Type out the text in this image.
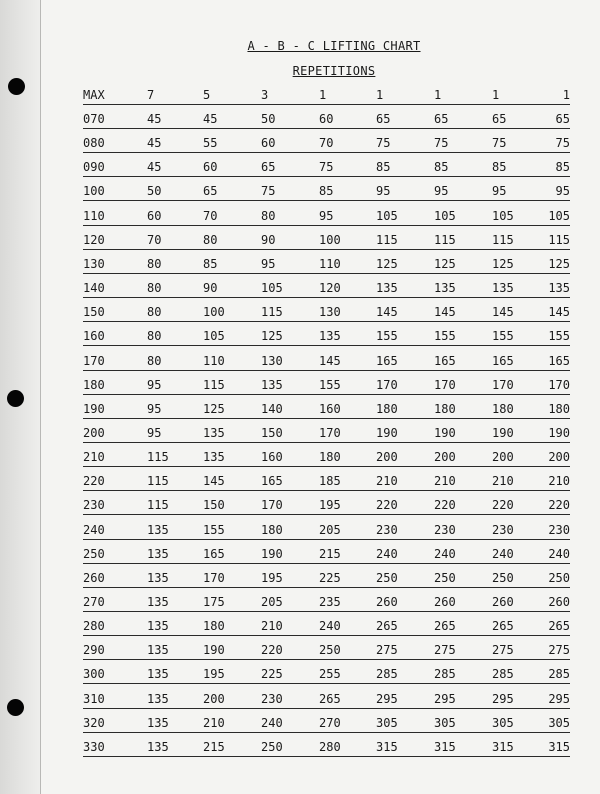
A - B - C LIFTING CHART
REPETITIONS
MAX	7	5	3	1	1	1	1	1
070	45	45	50	60	65	65	65	65
080	45	55	60	70	75	75	75	75
090	45	60	65	75	85	85	85	85
100	50	65	75	85	95	95	95	95
110	60	70	80	95	105	105	105	105
120	70	80	90	100	115	115	115	115
130	80	85	95	110	125	125	125	125
140	80	90	105	120	135	135	135	135
150	80	100	115	130	145	145	145	145
160	80	105	125	135	155	155	155	155
170	80	110	130	145	165	165	165	165
180	95	115	135	155	170	170	170	170
190	95	125	140	160	180	180	180	180
200	95	135	150	170	190	190	190	190
210	115	135	160	180	200	200	200	200
220	115	145	165	185	210	210	210	210
230	115	150	170	195	220	220	220	220
240	135	155	180	205	230	230	230	230
250	135	165	190	215	240	240	240	240
260	135	170	195	225	250	250	250	250
270	135	175	205	235	260	260	260	260
280	135	180	210	240	265	265	265	265
290	135	190	220	250	275	275	275	275
300	135	195	225	255	285	285	285	285
310	135	200	230	265	295	295	295	295
320	135	210	240	270	305	305	305	305
330	135	215	250	280	315	315	315	315
